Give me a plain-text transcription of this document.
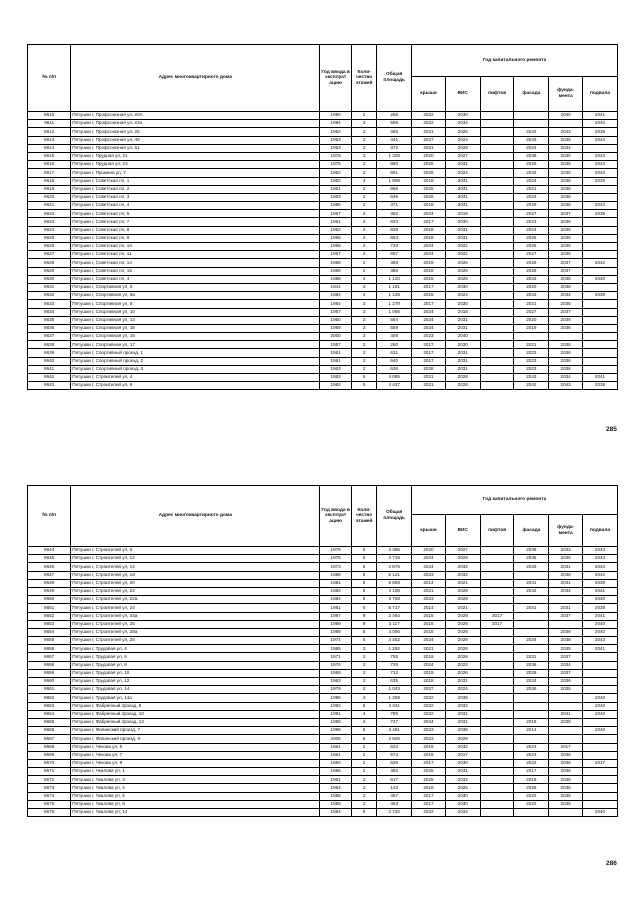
№ п/п	Адрес многоквартирного дома	Год ввода в эксплуат ацию	Коли-чество этажей	Общая площадь	Год капитального ремонта					
					крыши	ВИС	лифтов	фасада	фунда-мента	подвала
9610	Петушки г, Профсоюзная ул, 20А	1990	2	265	2022	2030			2040	2041
9611	Петушки г, Профсоюзная ул, 22а	1994	3	595	2022	2034				2040
9612	Петушки г, Профсоюзная ул, 26	1962	2	365	2021	2026		2042	2043	2039
9613	Петушки г, Профсоюзная ул, 49	1963	2	441	2027	2024		2043	2035	2042
9614	Петушки г, Профсоюзная ул, 51	1963	2	372	2021	2028		2024	2034	
9615	Петушки г, Прудная ул, 21	1978	3	1 326	2020	2027		2038	2030	2043
9616	Петушки г, Прудная ул, 23	1975	2	860	2026	2031		2026	2035	2043
9617	Петушки г, Пушкина ул, 7	1962	2	681	2026	2024		2042	2035	2043
9618	Петушки г, Советская пл, 1	1962	4	1 908	2018	2031		2024	2036	2026
9619	Петушки г, Советская пл, 2	1961	2	856	2025	2031		2021	2036	
9620	Петушки г, Советская пл, 3	1963	2	646	2026	2031		2023	2036	
9621	Петушки г, Советская пл, 4	1965	2	371	2018	2031		2029	2036	2042
9622	Петушки г, Советская пл, 5	1967	2	352	2024	2016		2027	2037	2039
9623	Петушки г, Советская пл, 7	1961	2	633	2017	2030		2023	2036	
9624	Петушки г, Советская пл, 8	1962	2	839	2018	2031		2024	2036	
9625	Петушки г, Советская пл, 9	1965	2	853	2018	2031		2025	2036	
9626	Петушки г, Советская пл, 10	1968	2	733	2024	2022		2026	2036	
9627	Петушки г, Советская пл, 11	1967	2	667	2024	2022		2027	2036	
9628	Петушки г, Советская пл, 14	1968	2	369	2019	2026		2026	2037	2042
9629	Петушки г, Советская пл, 15	1968	2	385	2019	2026		2026	2037	
9630	Петушки г, Советская пл, 4	1985	4	1 120	2015	2025		2043	2035	2040
9631	Петушки г, Спортивная ул, 6	1941	3	1 191	2017	2030		2020	2036	
9632	Петушки г, Спортивная ул, 6а	1984	4	1 128	2015	2024		2043	2034	2039
9633	Петушки г, Спортивная ул, 8	1954	3	1 278	2017	2030		2021	2035	
9634	Петушки г, Спортивная ул, 10	1957	3	1 065	2024	2018		2027	2037	
9635	Петушки г, Спортивная ул, 14	1960	2	554	2024	2031		2020	2036	
9636	Петушки г, Спортивная ул, 15	1959	2	559	2024	2031		2019	2036	
9637	Петушки г, Спортивная ул, 16	2000	2	409	2023	2040				
9638	Петушки г, Спортивная ул, 17	1957	2	260	2017	2030		2021	2035	
9639	Петушки г, Спортивный проезд, 1	1961	2	631	2017	2031		2023	2036	
9640	Петушки г, Спортивный проезд, 2	1961	2	640	2017	2031		2023	2036	
9641	Петушки г, Спортивный проезд, 3	1963	2	636	2028	2031		2023	2036	
9642	Петушки г, Строителей ул, 4	1983	5	4 085	2021	2028		2043	2034	2041
9643	Петушки г, Строителей ул, 6	1982	5	4 437	2021	2028		2042	2043	2039
285
№ п/п	Адрес многоквартирного дома	Год ввода в эксплуат ацию	Коли-чество этажей	Общая площадь	Год капитального ремонта					
					крыши	ВИС	лифтов	фасада	фунда-мента	подвала
9644	Петушки г, Строителей ул, 8	1979	5	3 396	2020	2027		2039	2033	2043
9645	Петушки г, Строителей ул, 12	1975	5	4 719	2024	2029		2036	2036	2043
9646	Петушки г, Строителей ул, 14	1973	5	2 876	2024	2032		2033	2031	2043
9647	Петушки г, Строителей ул, 18	1988	5	5 121	2023	2032			2036	2042
9648	Петушки г, Строителей ул, 20	1981	5	6 659	2014	2021		2041	2031	2039
9649	Петушки г, Строителей ул, 22	1982	5	4 106	2021	2028		2042	2034	2041
9650	Петушки г, Строителей ул, 22а	1984	5	3 758	2023	2029				2040
9651	Петушки г, Строителей ул, 24	1981	5	6 717	2014	2021		2041	2031	2039
9652	Петушки г, Строителей ул, 24а	1987	9	3 464	2015	2029	2017		2037	2041
9653	Петушки г, Строителей ул, 26	1989	9	3 117	2016	2029	2017			2040
9654	Петушки г, Строителей ул, 28а	1989	5	4 066	2016	2029			2039	2040
9655	Петушки г, Строителей ул, 28	1974	5	4 452	2024	2029		2034	2038	2043
9656	Петушки г, Трудовая ул, 4	1985	3	1 262	2021	2026			2035	2041
9657	Петушки г, Трудовая ул, 6	1971	2	755	2019	2026		2031	2037	
9658	Петушки г, Трудовая ул, 8	1976	2	726	2024	2023		2036	2034	
9659	Петушки г, Трудовая ул, 10	1969	2	712	2019	2026		2029	2037	
9660	Петушки г, Трудовая ул, 12	1963	2	635	2018	2031		2024	2036	
9661	Петушки г, Трудовая ул, 14	1979	2	1 043	2027	2024		2039	2035	
9662	Петушки г, Трудовая ул, 14а	1995	3	1 259	2022	2035				2040
9663	Петушки г, Фабричный проезд, 8	1992	5	4 341	2022	2032				2040
9664	Петушки г, Фабричный проезд, 10	1991	4	789	2022	2031			2041	2040
9665	Петушки г, Фабричный проезд, 12	1958	2	747	2024	2031		2018	2036	
9666	Петушки г, Филинский проезд, 7	1996	5	3 481	2023	2036		2014		2040
9667	Петушки г, Филинский проезд, 9	2006	5	2 926	2023	2029				
9668	Петушки г, Чехова ул, 5	1961	2	622	2019	2032		2023	2017	
9669	Петушки г, Чехова ул, 7	1961	2	572	2019	2017		2023	2036	
9670	Петушки г, Чехова ул, 9	1960	2	625	2017	2030		2022	2036	2017
9671	Петушки г, Чкалова ул, 1	1955	2	492	2025	2031		2017	2036	
9672	Петушки г, Чкалова ул, 3	1961	2	617	2025	2032		2018	2036	
9673	Петушки г, Чкалова ул, 4	1964	2	143	2018	2025		2026	2036	
9674	Петушки г, Чкалова ул, 5	1958	2	457	2017	2030		2022	2035	
9675	Петушки г, Чкалова ул, 8	1959	2	453	2017	2030		2022	2035	
9676	Петушки г, Чкалова ул, 14	1994	5	2 732	2022	2034				2040
286
